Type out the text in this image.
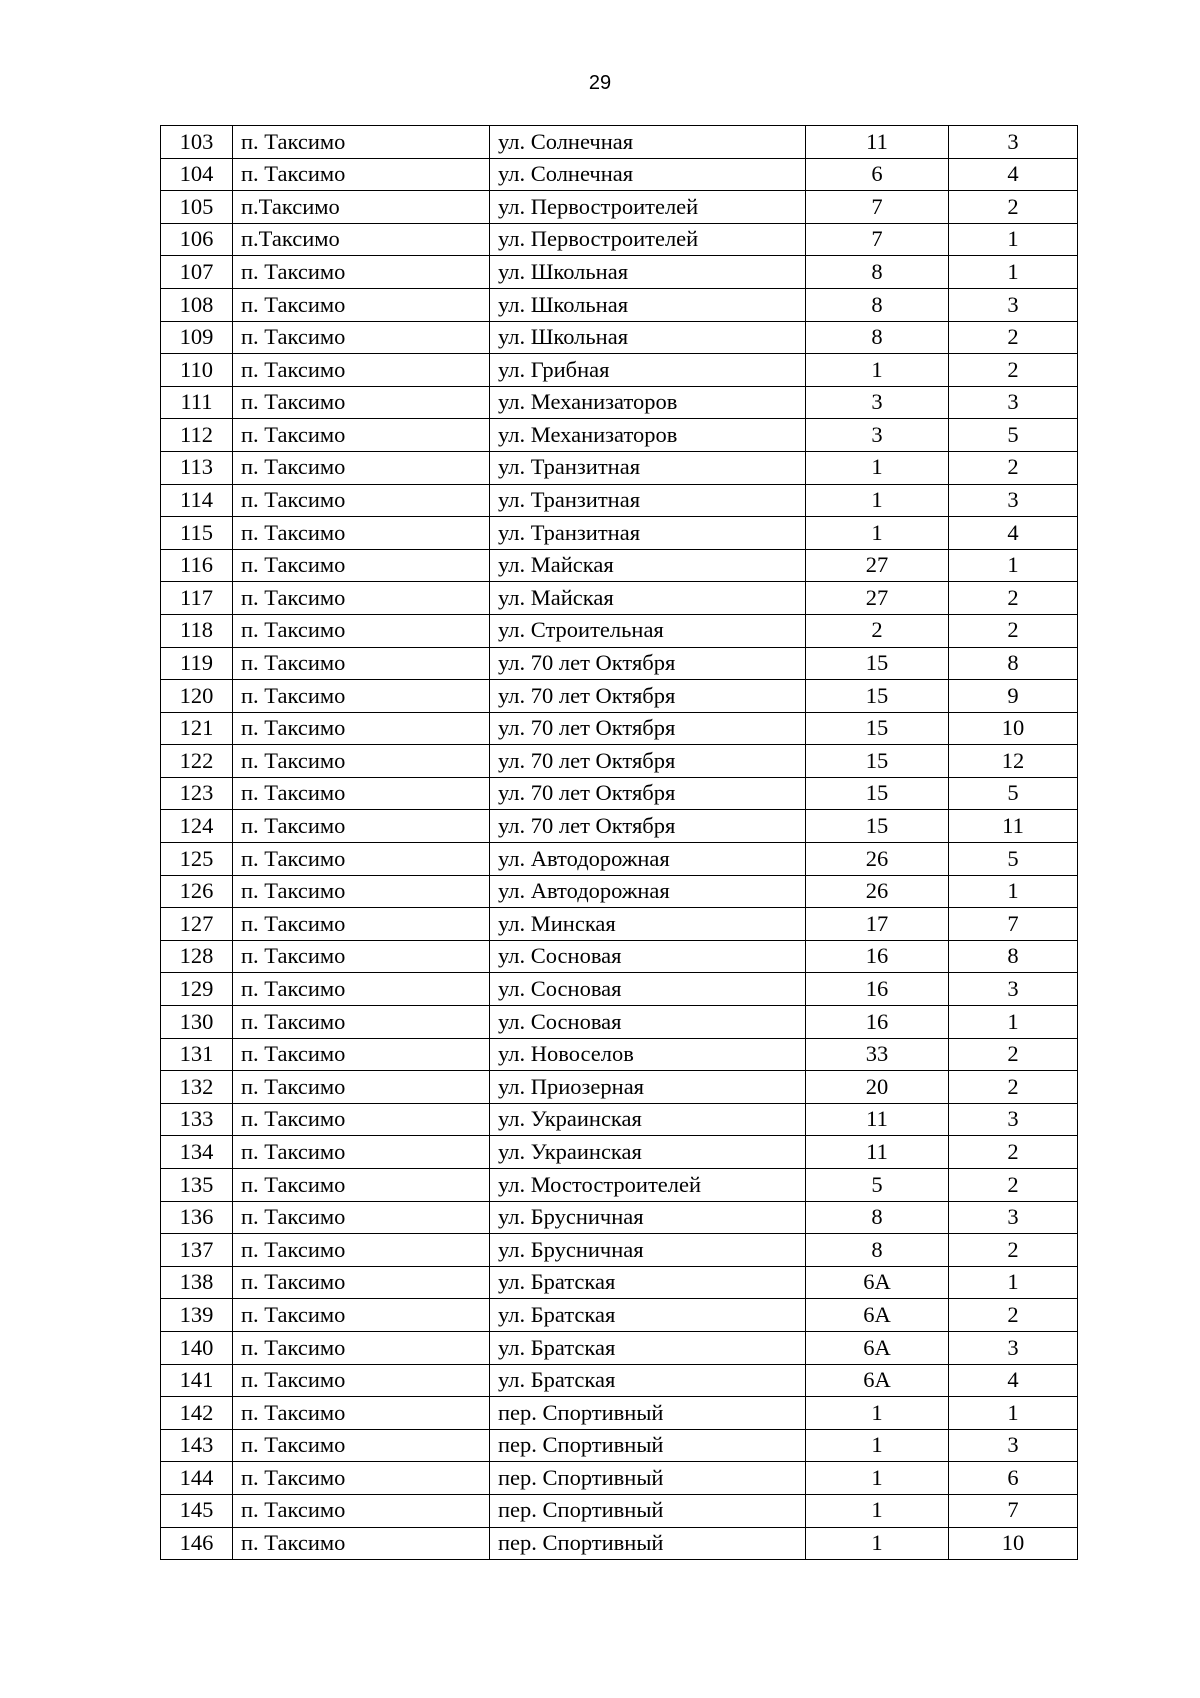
29
103	п. Таксимо	ул. Солнечная	11	3
104	п. Таксимо	ул. Солнечная	6	4
105	п.Таксимо	ул. Первостроителей	7	2
106	п.Таксимо	ул. Первостроителей	7	1
107	п. Таксимо	ул. Школьная	8	1
108	п. Таксимо	ул. Школьная	8	3
109	п. Таксимо	ул. Школьная	8	2
110	п. Таксимо	ул. Грибная	1	2
111	п. Таксимо	ул. Механизаторов	3	3
112	п. Таксимо	ул. Механизаторов	3	5
113	п. Таксимо	ул. Транзитная	1	2
114	п. Таксимо	ул. Транзитная	1	3
115	п. Таксимо	ул. Транзитная	1	4
116	п. Таксимо	ул. Майская	27	1
117	п. Таксимо	ул. Майская	27	2
118	п. Таксимо	ул. Строительная	2	2
119	п. Таксимо	ул. 70 лет Октября	15	8
120	п. Таксимо	ул. 70 лет Октября	15	9
121	п. Таксимо	ул. 70 лет Октября	15	10
122	п. Таксимо	ул. 70 лет Октября	15	12
123	п. Таксимо	ул. 70 лет Октября	15	5
124	п. Таксимо	ул. 70 лет Октября	15	11
125	п. Таксимо	ул. Автодорожная	26	5
126	п. Таксимо	ул. Автодорожная	26	1
127	п. Таксимо	ул. Минская	17	7
128	п. Таксимо	ул. Сосновая	16	8
129	п. Таксимо	ул. Сосновая	16	3
130	п. Таксимо	ул. Сосновая	16	1
131	п. Таксимо	ул. Новоселов	33	2
132	п. Таксимо	ул. Приозерная	20	2
133	п. Таксимо	ул. Украинская	11	3
134	п. Таксимо	ул. Украинская	11	2
135	п. Таксимо	ул. Мостостроителей	5	2
136	п. Таксимо	ул. Брусничная	8	3
137	п. Таксимо	ул. Брусничная	8	2
138	п. Таксимо	ул. Братская	6А	1
139	п. Таксимо	ул. Братская	6А	2
140	п. Таксимо	ул. Братская	6А	3
141	п. Таксимо	ул. Братская	6А	4
142	п. Таксимо	пер. Спортивный	1	1
143	п. Таксимо	пер. Спортивный	1	3
144	п. Таксимо	пер. Спортивный	1	6
145	п. Таксимо	пер. Спортивный	1	7
146	п. Таксимо	пер. Спортивный	1	10
